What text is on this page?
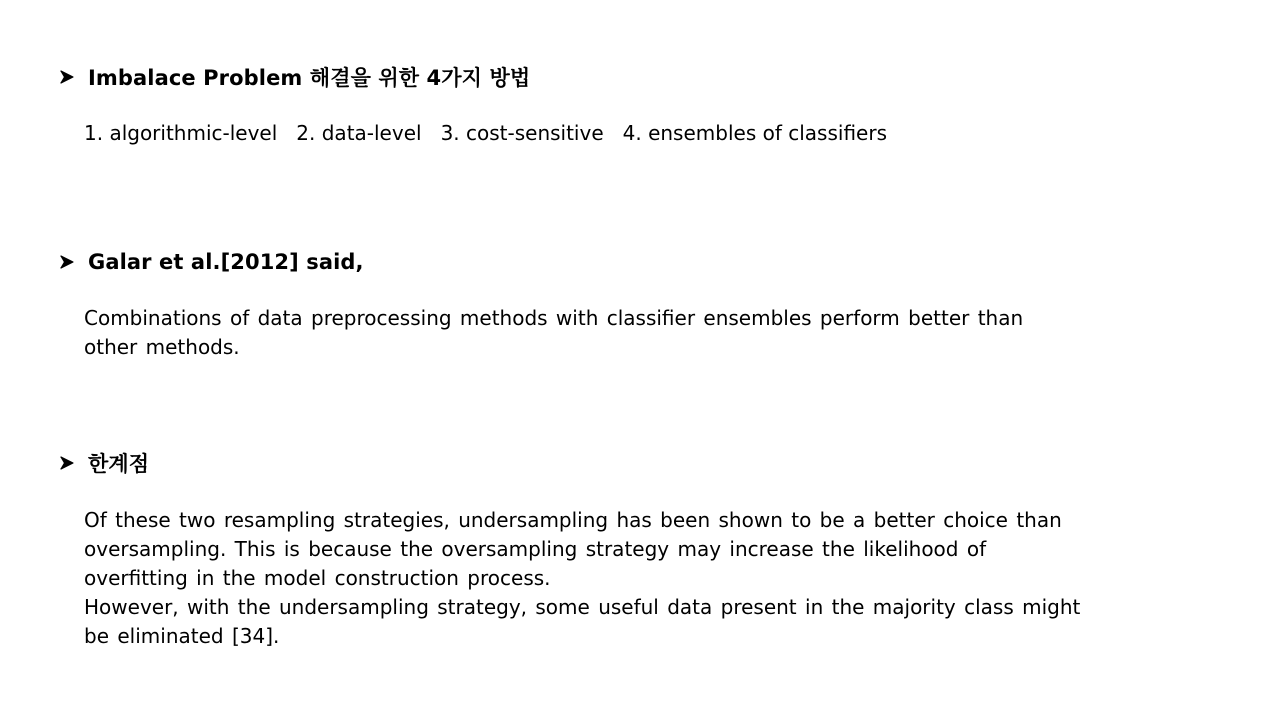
Imbalace Problem 해결을 위한 4가지 방법
1. algorithmic-level 2. data-level 3. cost-sensitive 4. ensembles of classifiers
Galar et al.[2012] said,
Combinations of data preprocessing methods with classifier ensembles perform better than
other methods.
한계점
Of these two resampling strategies, undersampling has been shown to be a better choice than
oversampling. This is because the oversampling strategy may increase the likelihood of
overfitting in the model construction process.
However, with the undersampling strategy, some useful data present in the majority class might
be eliminated [34].
